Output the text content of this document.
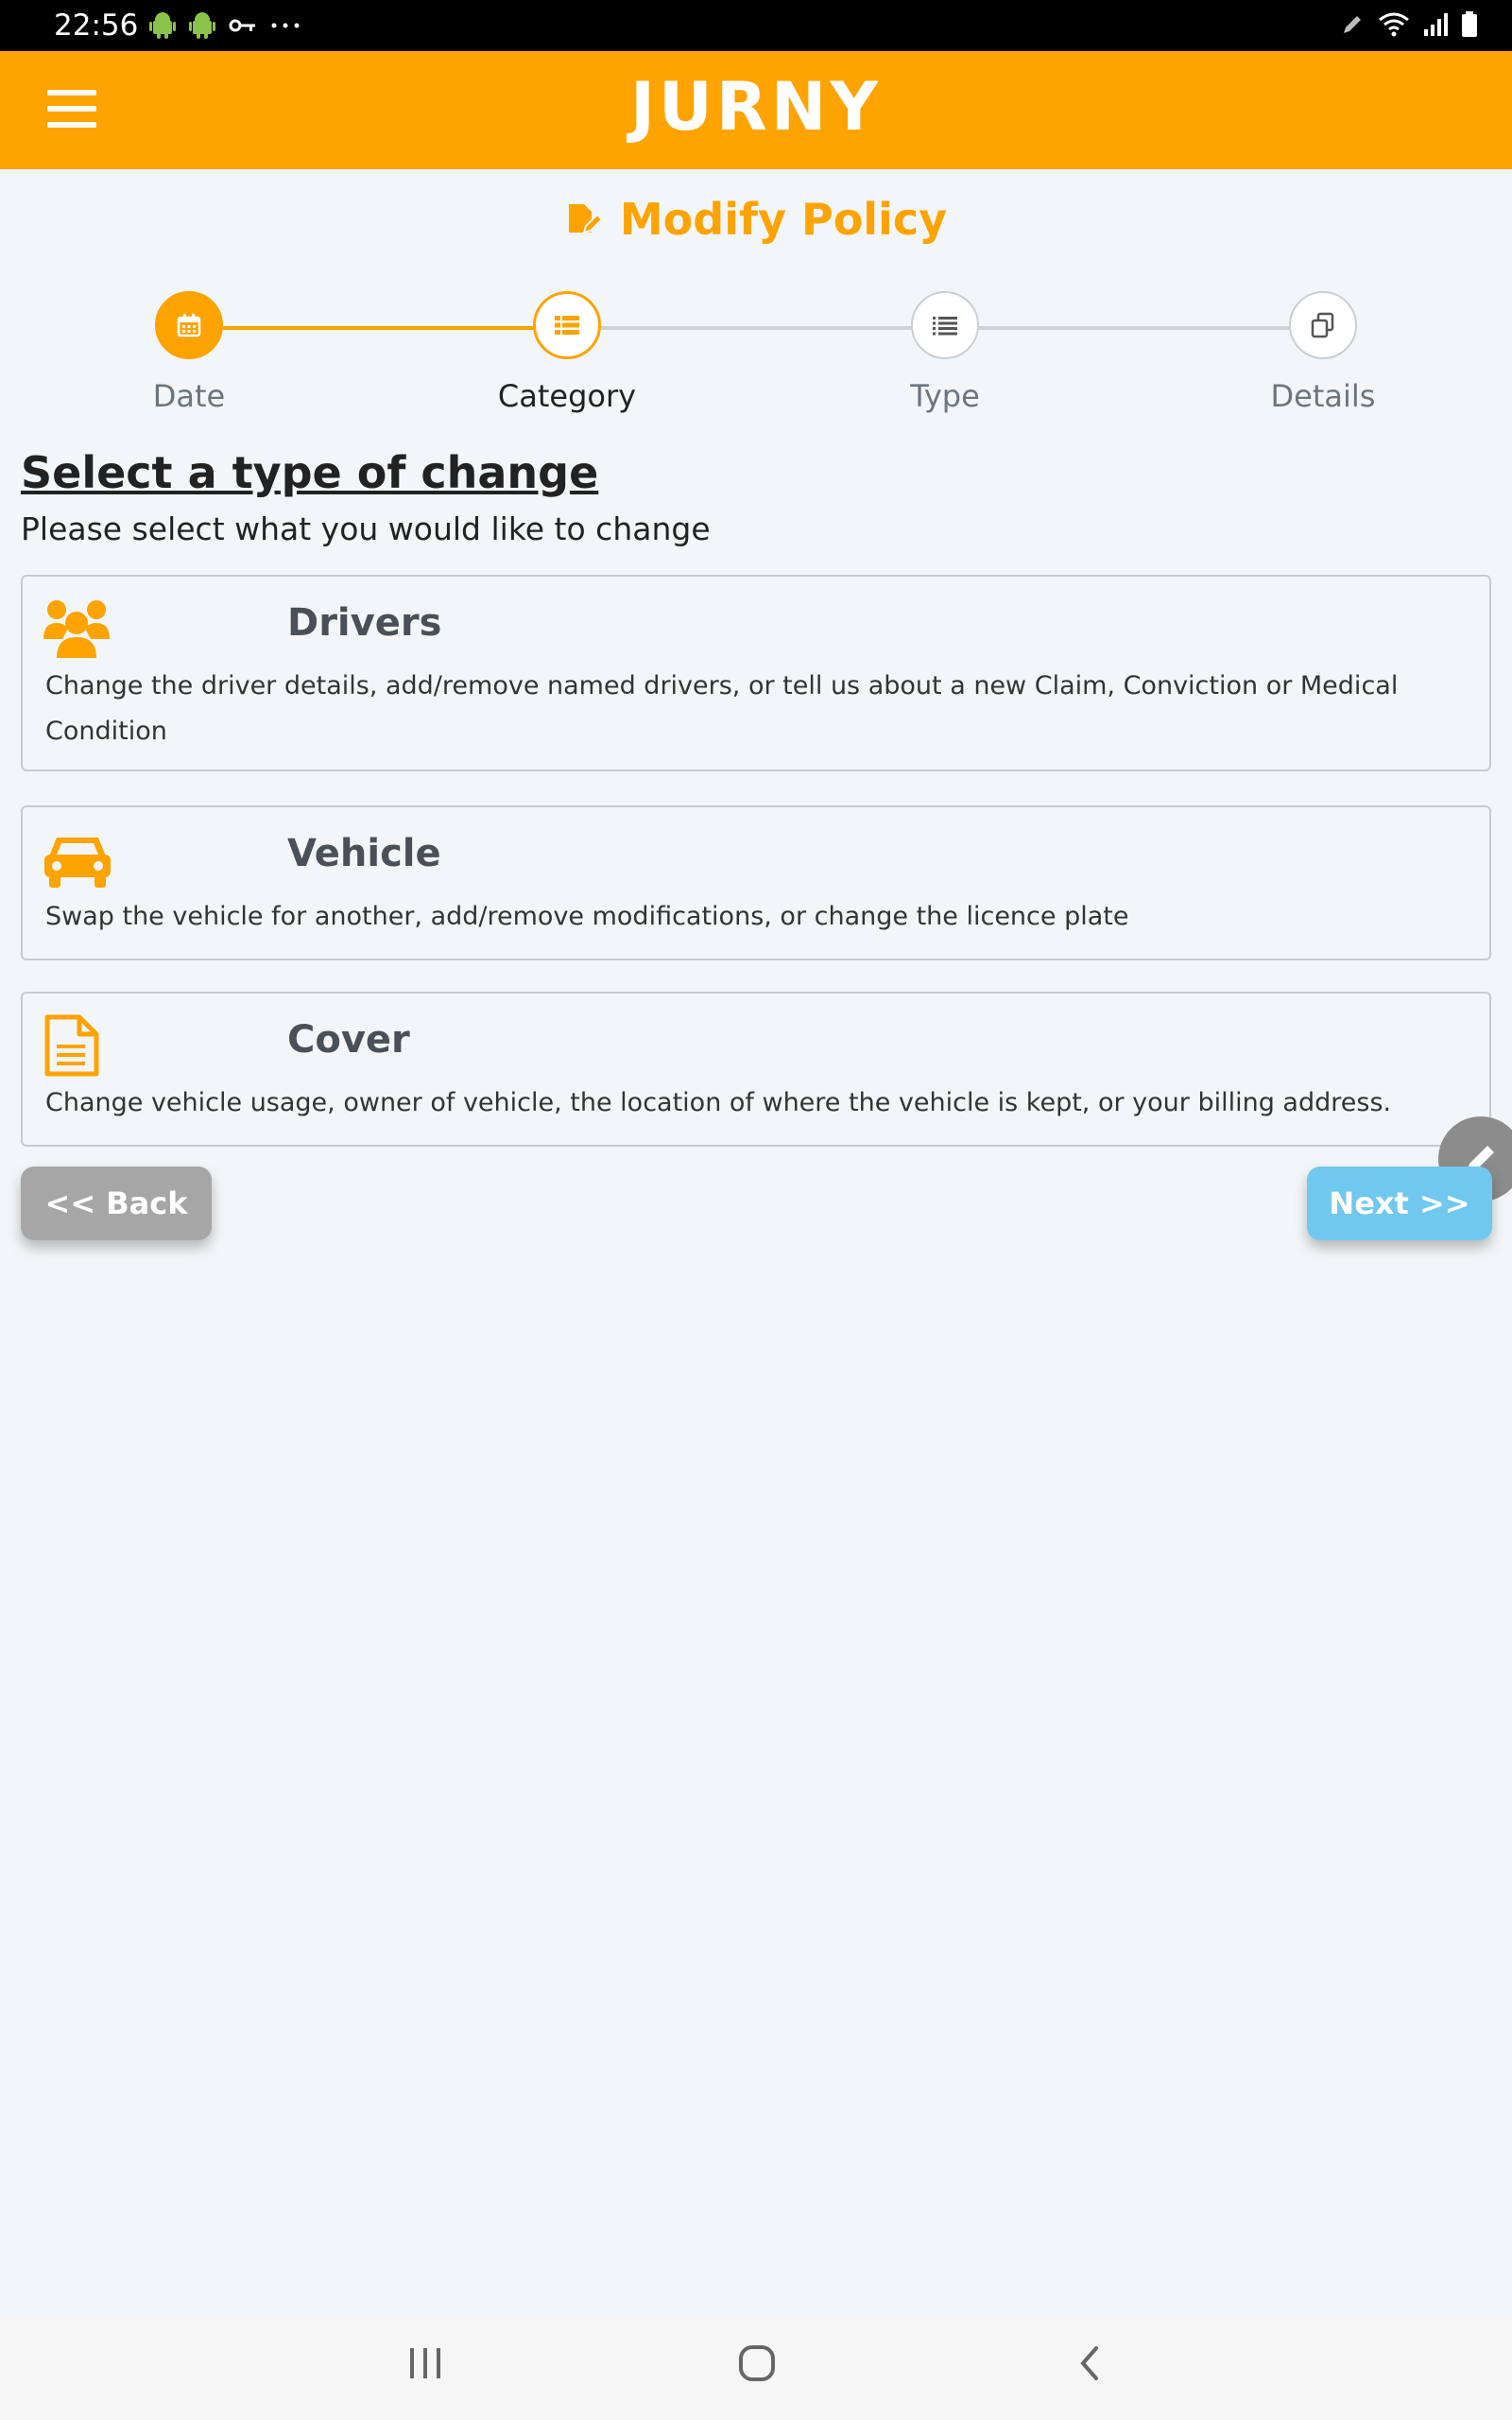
22:56
JURNY
Modify Policy
Date	Category	Type	Details
Select a type of change

Please select what you would like to change

Drivers
Change the driver details, add/remove named drivers, or tell us about a new Claim, Conviction or Medical Condition
Vehicle
Swap the vehicle for another, add/remove modifications, or change the licence plate
Cover
Change vehicle usage, owner of vehicle, the location of where the vehicle is kept, or your billing address.
<< Back	Next >>
